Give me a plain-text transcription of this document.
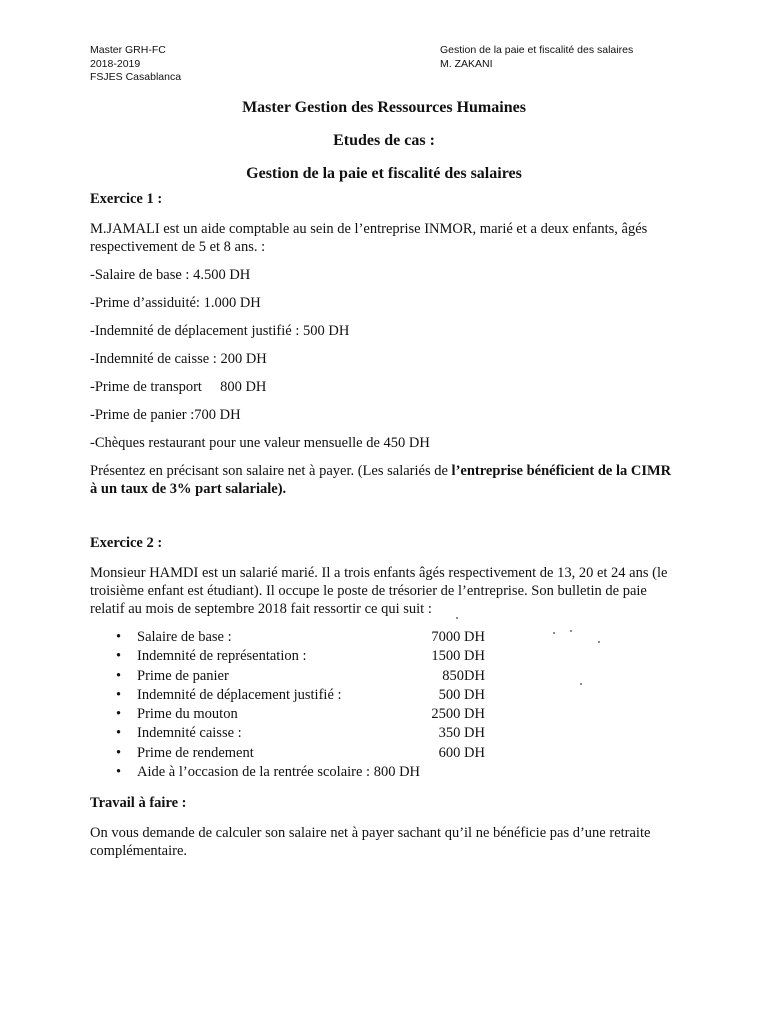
Master GRH-FC
2018-2019
FSJES Casablanca
Gestion de la paie et fiscalité des salaires
M. ZAKANI
Master Gestion des Ressources Humaines
Etudes de cas :
Gestion de la paie et fiscalité des salaires

Exercice 1 :

M.JAMALI est un aide comptable au sein de l’entreprise INMOR, marié et a deux enfants, âgés respectivement de 5 et 8 ans. :

-Salaire de base : 4.500 DH

-Prime d’assiduité: 1.000 DH

-Indemnité de déplacement justifié : 500 DH

-Indemnité de caisse : 200 DH

-Prime de transport     800 DH

-Prime de panier :700 DH

-Chèques restaurant pour une valeur mensuelle de 450 DH

Présentez en précisant son salaire net à payer. (Les salariés de l’entreprise bénéficient de la CIMR à un taux de 3% part salariale).

Exercice 2 :

Monsieur HAMDI est un salarié marié. Il a trois enfants âgés respectivement de 13, 20 et 24 ans (le troisième enfant est étudiant). Il occupe le poste de trésorier de l’entreprise. Son bulletin de paie relatif au mois de septembre 2018 fait ressortir ce qui suit :

•	Salaire de base :	7000 DH
•	Indemnité de représentation :	1500 DH
•	Prime de panier	850DH
•	Indemnité de déplacement justifié :	500 DH
•	Prime du mouton	2500 DH
•	Indemnité caisse :	350 DH
•	Prime de rendement	600 DH
•	Aide à l’occasion de la rentrée scolaire : 800 DH

Travail à faire :

On vous demande de calculer son salaire net à payer sachant qu’il ne bénéficie pas d’une retraite complémentaire.
